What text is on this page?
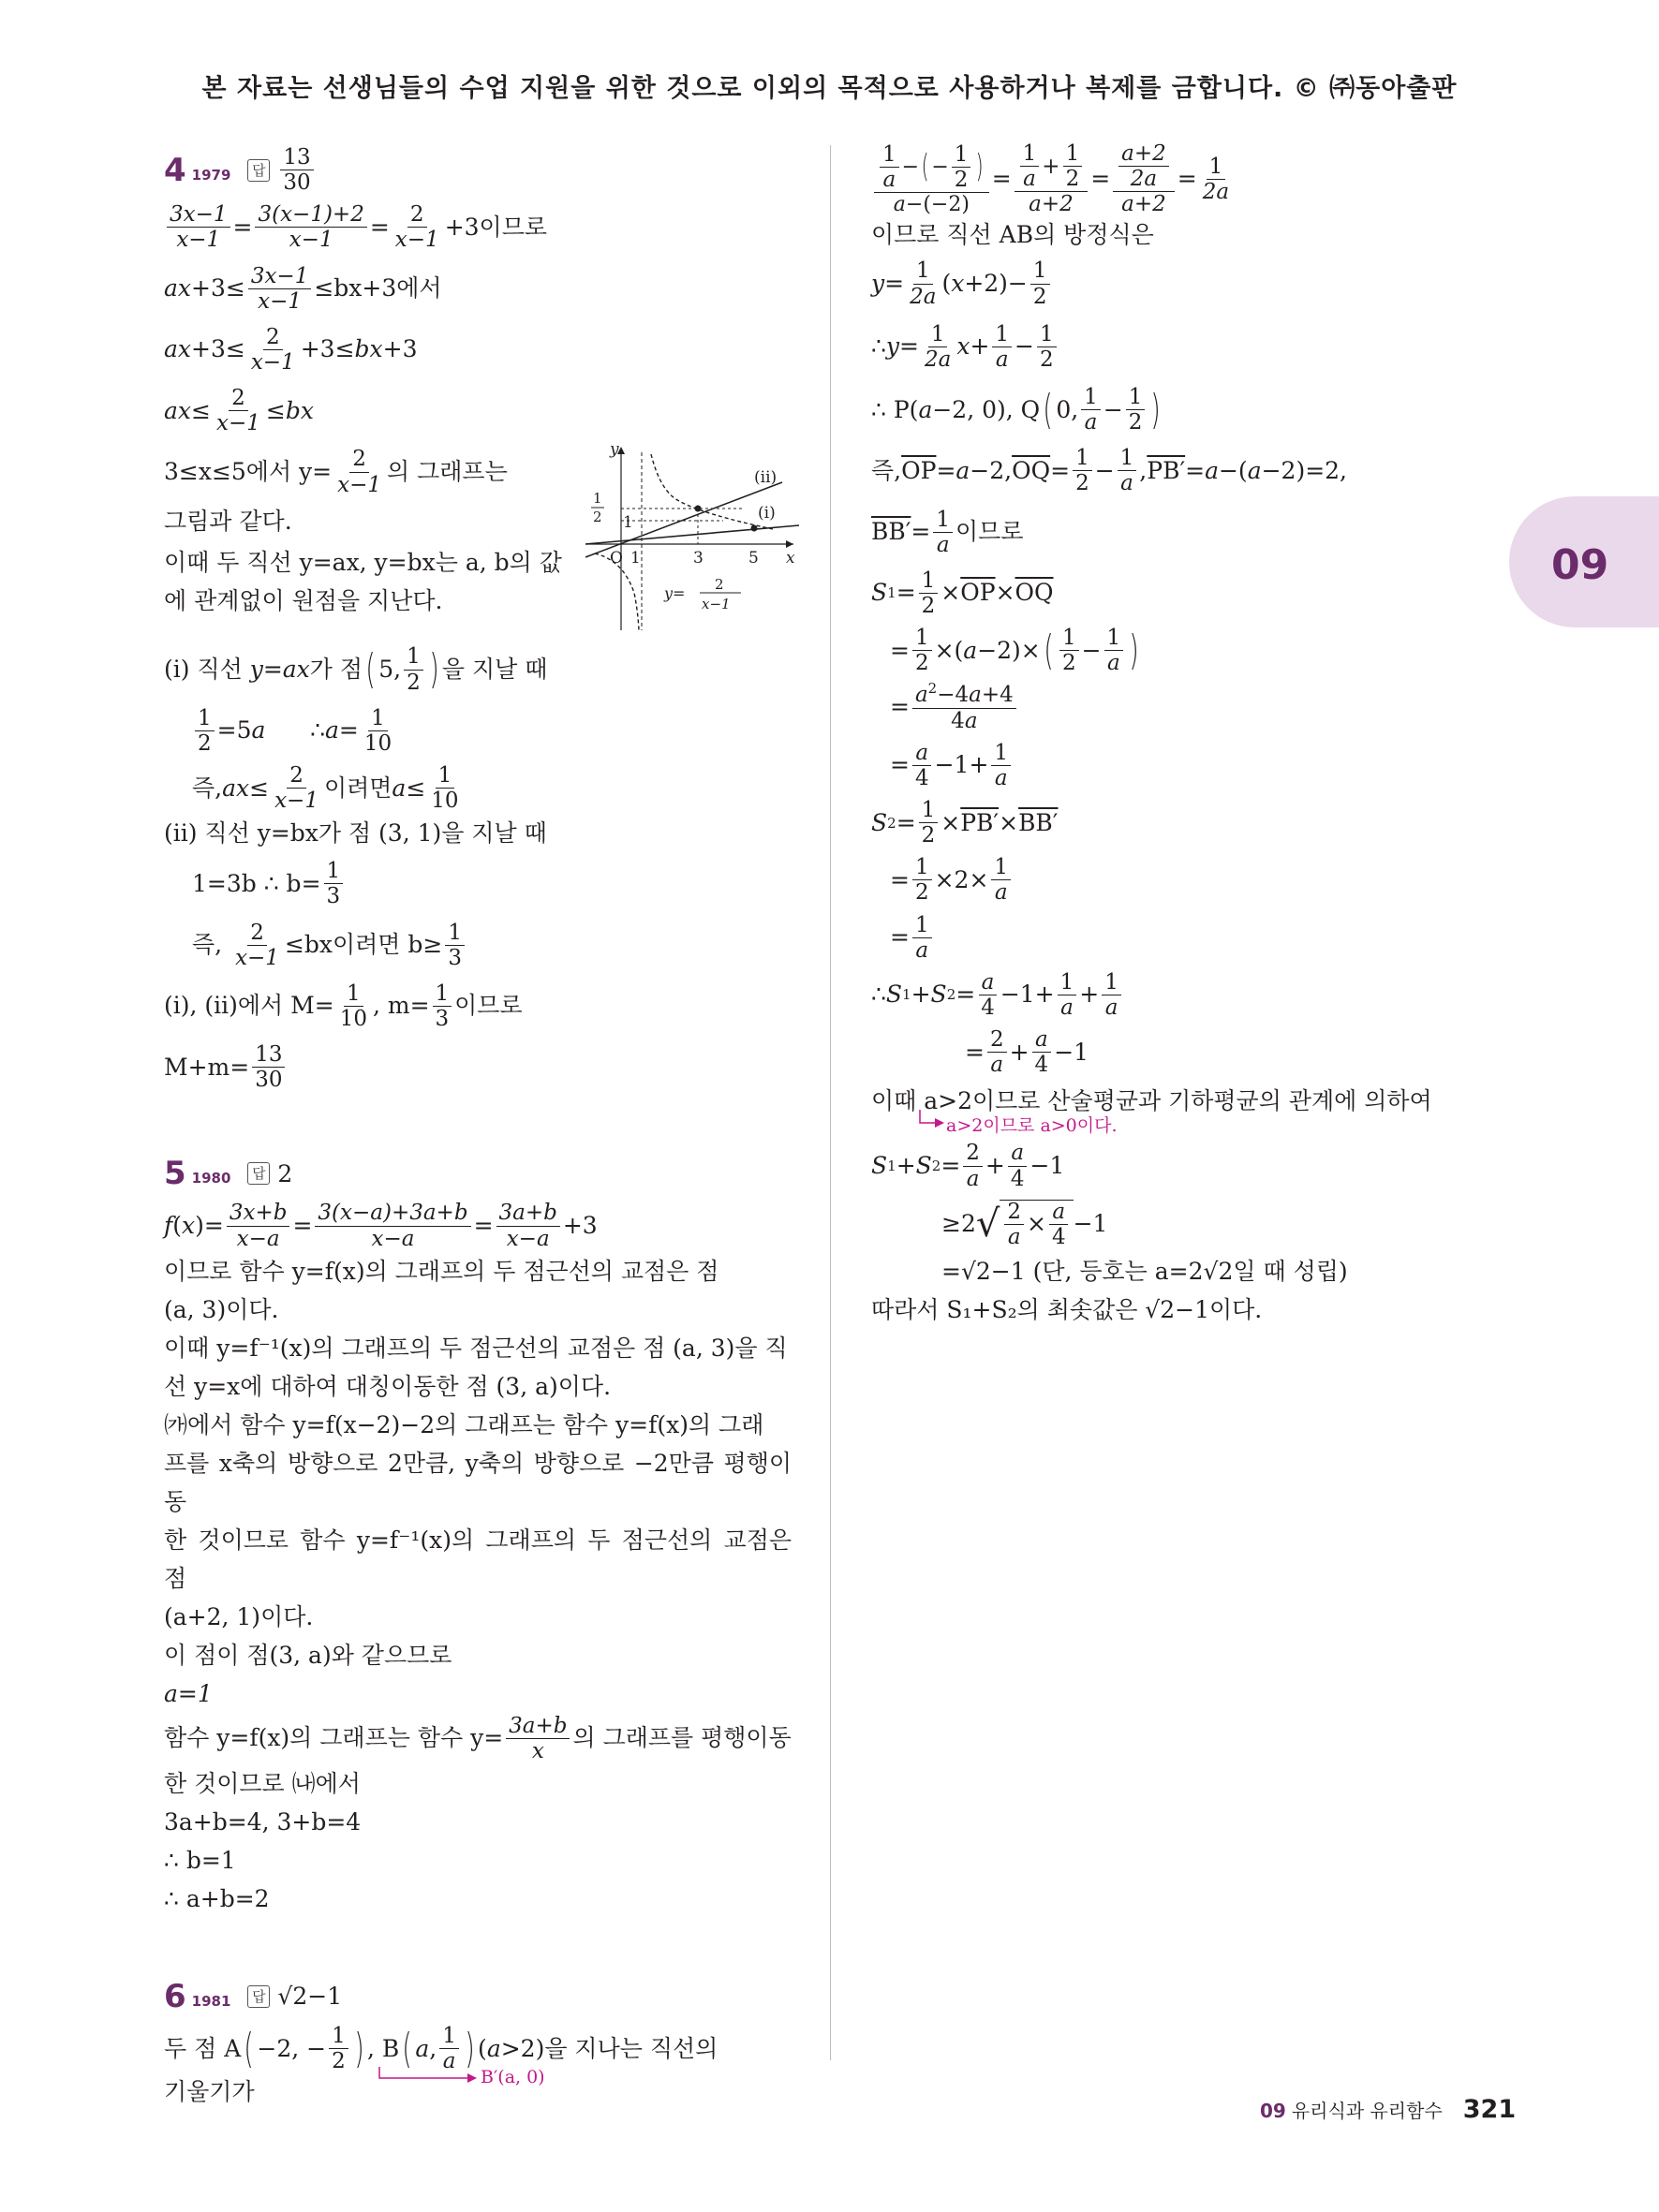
본 자료는 선생님들의 수업 지원을 위한 것으로 이외의 목적으로 사용하거나 복제를 금합니다. © ㈜동아출판
09
4 1979	답 $\frac{13}{30}$
$\frac{3x-1}{x-1} = \frac{3(x-1)+2}{x-1} = \frac{2}{x-1} +3$이므로
ax $+3\le \frac{3x-1}{x-1} \le bx+3$에서
ax $+3\le \frac{2}{x-1} +3\le$ bx +3
ax ≤ $\frac{2}{x-1}$ ≤ bx
3≤x≤5에서 $y= \frac{2}{x-1}$ 의 그래프는

그림과 같다.

이때 두 직선 y=ax, y=bx는 a, b의 값

에 관계없이 원점을 지난다.

y
x
O 1	3	5
1
1
2
(ii)
(i)
y= 2
x−1
(i) 직선 y=ax가 점 ( 5, $\frac{1}{2}$ ) 을 지날 때
$\frac{1}{2} =5$ a ∴ $a = \frac{1}{10}$
즉, ax ≤ $\frac{2}{x-1}$ 이려면 $a \le \frac{1}{10}$

(ii) 직선 y=bx가 점 (3, 1)을 지날 때

1=3b ∴ $b= \frac{1}{3}$
즉,
$\frac{2}{x-1} \le bx$이려면 $b\ge \frac{1}{3}$
(i), (ii)에서 $M= \frac{1}{10}$ , $m= \frac{1}{3}$ 이므로
$M+m= \frac{13}{30}$
5 1980	답 2
f ( x )= $\frac{3x+b}{x-a} = \frac{3(x-a)+3a+b}{x-a} = \frac{3a+b}{x-a} +3$

이므로 함수 y=f(x)의 그래프의 두 점근선의 교점은 점

(a, 3)이다.

이때 y=f⁻¹(x)의 그래프의 두 점근선의 교점은 점 (a, 3)을 직

선 y=x에 대하여 대칭이동한 점 (3, a)이다.

㈎에서 함수 y=f(x−2)−2의 그래프는 함수 y=f(x)의 그래

프를 x축의 방향으로 2만큼, y축의 방향으로 −2만큼 평행이동

한 것이므로 함수 y=f⁻¹(x)의 그래프의 두 점근선의 교점은 점

(a+2, 1)이다.

이 점이 점(3, a)와 같으므로

a=1

함수 y=f(x)의 그래프는 함수 $y= \frac{3a+b}{x}$ 의 그래프를 평행이동

한 것이므로 ㈏에서

3a+b=4, 3+b=4

∴ b=1

∴ a+b=2

6 1981	답 √2−1
두 점 A ( −2, − $\frac{1}{2}$ ) , B ( a , $\frac{1}{a}$ ) ( a >2)을 지나는 직선의

기울기가

B′(a, 0)
$\frac{\frac{1}{a} - ( - \frac{1}{2} )}{a-(-2)} = \frac{\frac{1}{a} + \frac{1}{2}}{a+2} = \frac{\frac{a+2}{2a}}{a+2} = \frac{1}{2a}$

이므로 직선 AB의 방정식은

$y = \frac{1}{2a}$ ( $x +2)- \frac{1}{2}$
∴ $y = \frac{1}{2a}$ $x + \frac{1}{a} - \frac{1}{2}$
∴ P( a −2, 0), Q ( 0, $\frac{1}{a} - \frac{1}{2}$ )
즉, $\overline{OP} = a -2$, $\overline{OQ} = \frac{1}{2} - \frac{1}{a}$ , PB′ = a −( a −2)=2,
$BB' = \frac{1}{a}$ 이므로
S $1 = \frac{1}{2} \times \overline{OP} \times \overline{OQ}$
= $\frac{1}{2}$ ×( a −2)× ( $\frac{1}{2} - \frac{1}{a}$ )
= $\frac{a^2-4a+4}{4a}$
= $\frac{a}{4} -1+ \frac{1}{a}$
S $2 = \frac{1}{2} \times PB' \times BB'$
= $\frac{1}{2} \times 2\times \frac{1}{a}$
= $\frac{1}{a}$
∴ S 1 + S $2 = \frac{a}{4} -1+ \frac{1}{a} + \frac{1}{a}$
= $\frac{2}{a} + \frac{a}{4} -1$

이때 a>2이므로 산술평균과 기하평균의 관계에 의하여

a>2이므로 a>0이다.
S 1 + S $2 = \frac{2}{a} + \frac{a}{4} -1$
≥2 √ $\frac{2}{a} \times \frac{a}{4} -1$

=√2−1 (단, 등호는 a=2√2일 때 성립)

따라서 S₁+S₂의 최솟값은 √2−1이다.

09 유리식과 유리함수 321
